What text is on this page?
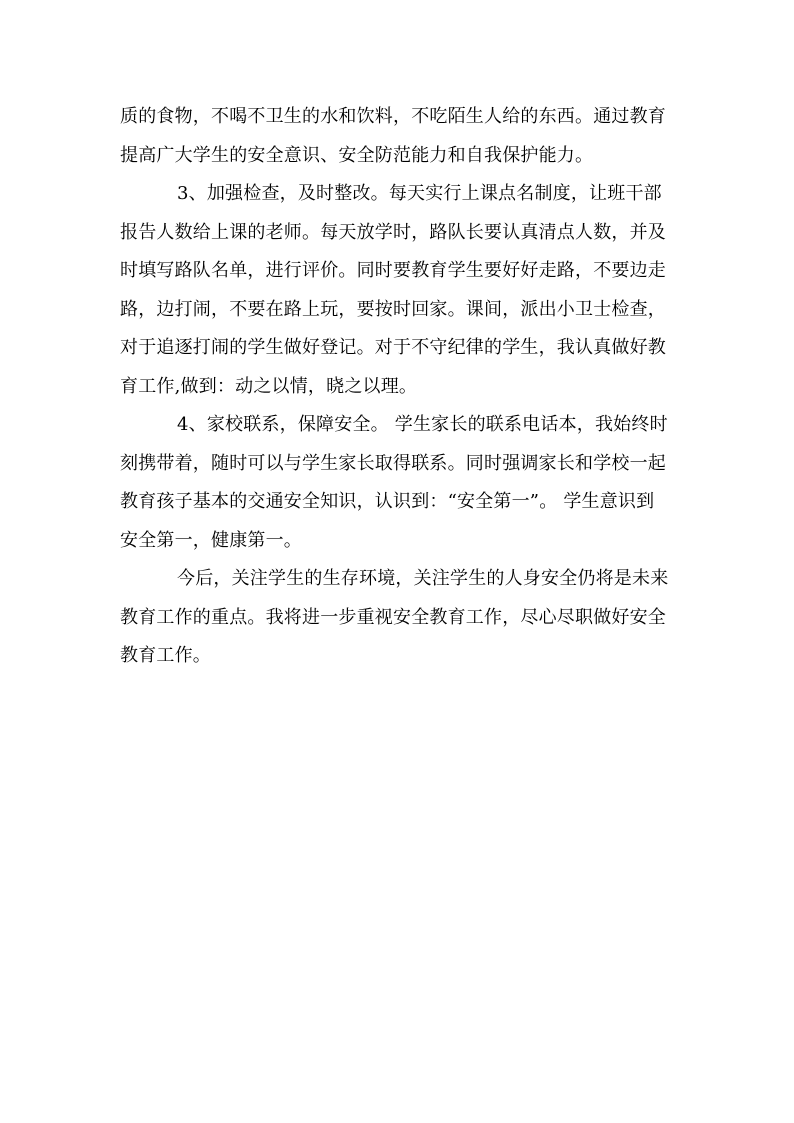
质的食物，不喝不卫生的水和饮料，不吃陌生人给的东西。通过教育
提高广大学生的安全意识、安全防范能力和自我保护能力。
3、加强检查，及时整改。每天实行上课点名制度，让班干部
报告人数给上课的老师。每天放学时，路队长要认真清点人数，并及
时填写路队名单，进行评价。同时要教育学生要好好走路，不要边走
路，边打闹，不要在路上玩，要按时回家。课间，派出小卫士检查，
对于追逐打闹的学生做好登记。对于不守纪律的学生，我认真做好教
育工作,做到：动之以情，晓之以理。
4、家校联系，保障安全。 学生家长的联系电话本，我始终时
刻携带着，随时可以与学生家长取得联系。同时强调家长和学校一起
教育孩子基本的交通安全知识，认识到：“安全第一”。 学生意识到
安全第一，健康第一。
今后，关注学生的生存环境，关注学生的人身安全仍将是未来
教育工作的重点。我将进一步重视安全教育工作，尽心尽职做好安全
教育工作。
